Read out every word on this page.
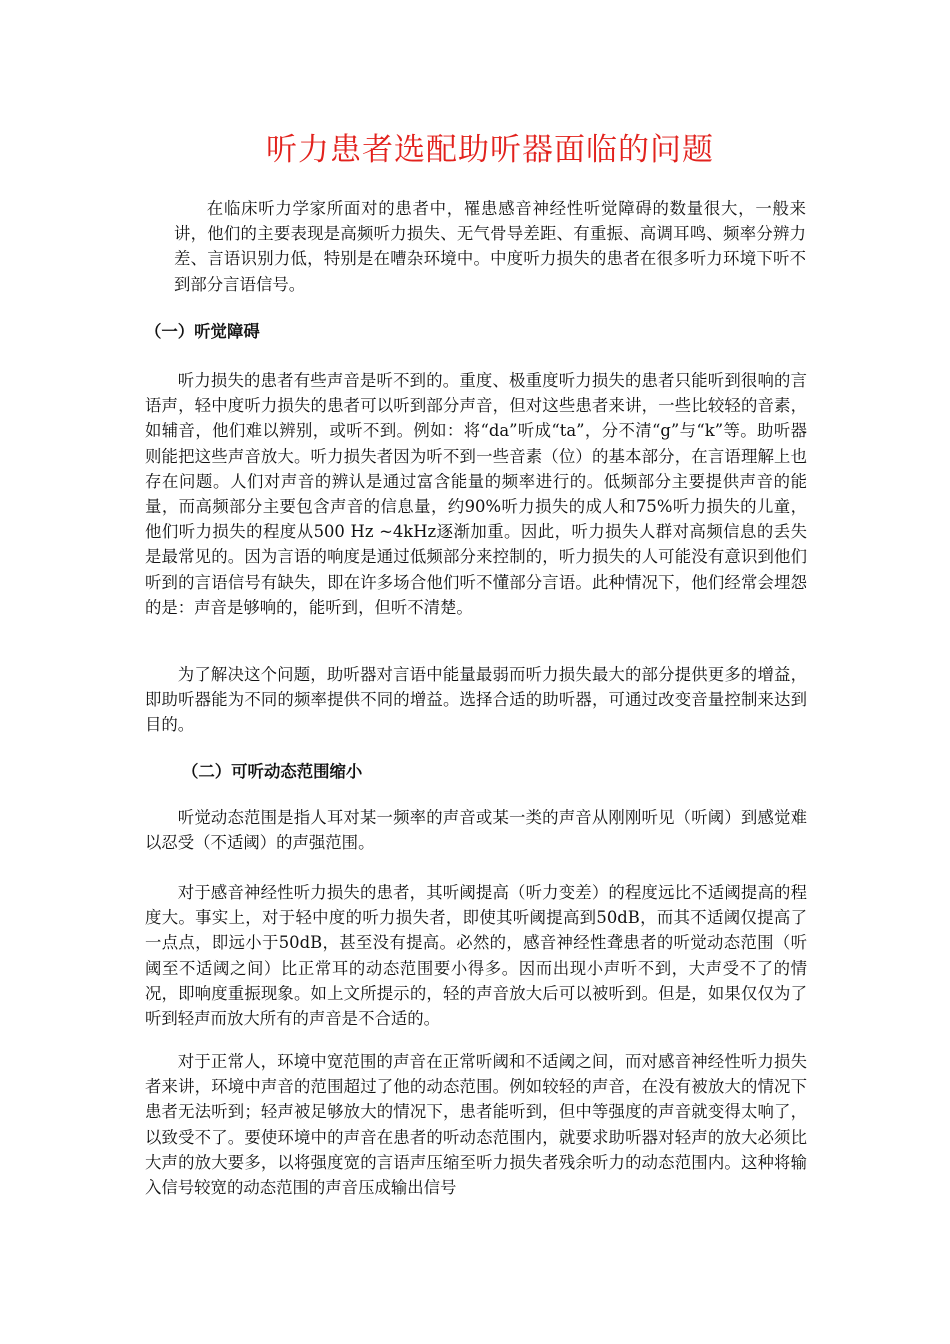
听力患者选配助听器面临的问题

在临床听力学家所面对的患者中，罹患感音神经性听觉障碍的数量很大，一般来讲，他们的主要表现是高频听力损失、无气骨导差距、有重振、高调耳鸣、频率分辨力差、言语识别力低，特别是在嘈杂环境中。中度听力损失的患者在很多听力环境下听不到部分言语信号。

（一）听觉障碍

听力损失的患者有些声音是听不到的。重度、极重度听力损失的患者只能听到很响的言语声，轻中度听力损失的患者可以听到部分声音，但对这些患者来讲，一些比较轻的音素，如辅音，他们难以辨别，或听不到。例如：将“da”听成“ta”，分不清“g”与“k”等。助听器则能把这些声音放大。听力损失者因为听不到一些音素（位）的基本部分，在言语理解上也存在问题。人们对声音的辨认是通过富含能量的频率进行的。低频部分主要提供声音的能量，而高频部分主要包含声音的信息量，约90%听力损失的成人和75%听力损失的儿童，他们听力损失的程度从500 Hz ~4kHz逐渐加重。因此，听力损失人群对高频信息的丢失是最常见的。因为言语的响度是通过低频部分来控制的，听力损失的人可能没有意识到他们听到的言语信号有缺失，即在许多场合他们听不懂部分言语。此种情况下，他们经常会埋怨的是：声音是够响的，能听到，但听不清楚。

为了解决这个问题，助听器对言语中能量最弱而听力损失最大的部分提供更多的增益，即助听器能为不同的频率提供不同的增益。选择合适的助听器，可通过改变音量控制来达到目的。

（二）可听动态范围缩小

听觉动态范围是指人耳对某一频率的声音或某一类的声音从刚刚听见（听阈）到感觉难以忍受（不适阈）的声强范围。

对于感音神经性听力损失的患者，其听阈提高（听力变差）的程度远比不适阈提高的程度大。事实上，对于轻中度的听力损失者，即使其听阈提高到50dB，而其不适阈仅提高了一点点，即远小于50dB，甚至没有提高。必然的，感音神经性聋患者的听觉动态范围（听阈至不适阈之间）比正常耳的动态范围要小得多。因而出现小声听不到，大声受不了的情况，即响度重振现象。如上文所提示的，轻的声音放大后可以被听到。但是，如果仅仅为了听到轻声而放大所有的声音是不合适的。

对于正常人，环境中宽范围的声音在正常听阈和不适阈之间，而对感音神经性听力损失者来讲，环境中声音的范围超过了他的动态范围。例如较轻的声音，在没有被放大的情况下患者无法听到；轻声被足够放大的情况下，患者能听到，但中等强度的声音就变得太响了，以致受不了。要使环境中的声音在患者的听动态范围内，就要求助听器对轻声的放大必须比大声的放大要多，以将强度宽的言语声压缩至听力损失者残余听力的动态范围内。这种将输入信号较宽的动态范围的声音压成输出信号
